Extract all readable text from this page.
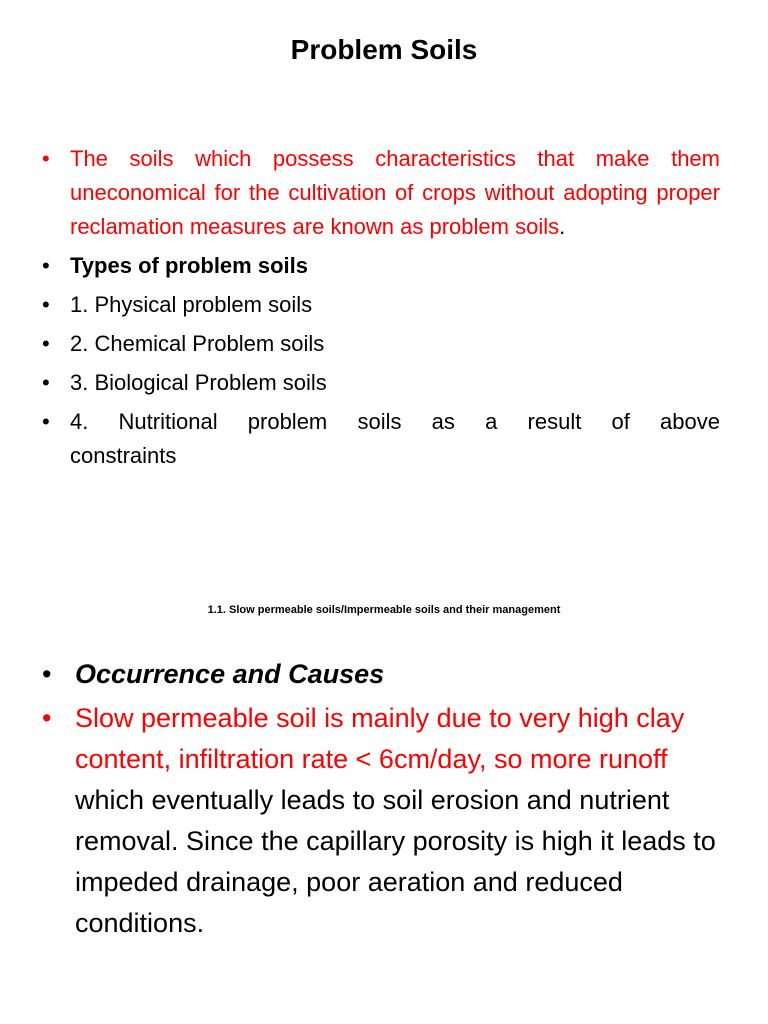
Problem Soils
• The soils which possess characteristics that make them uneconomical for the cultivation of crops without adopting proper reclamation measures are known as problem soils.
• Types of problem soils
• 1. Physical problem soils
• 2. Chemical Problem soils
• 3. Biological Problem soils
• 4. Nutritional problem soils as a result of above
constraints
1.1. Slow permeable soils/Impermeable soils and their management
• Occurrence and Causes
• Slow permeable soil is mainly due to very high clay content, infiltration rate < 6cm/day, so more runoff which eventually leads to soil erosion and nutrient removal. Since the capillary porosity is high it leads to impeded drainage, poor aeration and reduced conditions.
